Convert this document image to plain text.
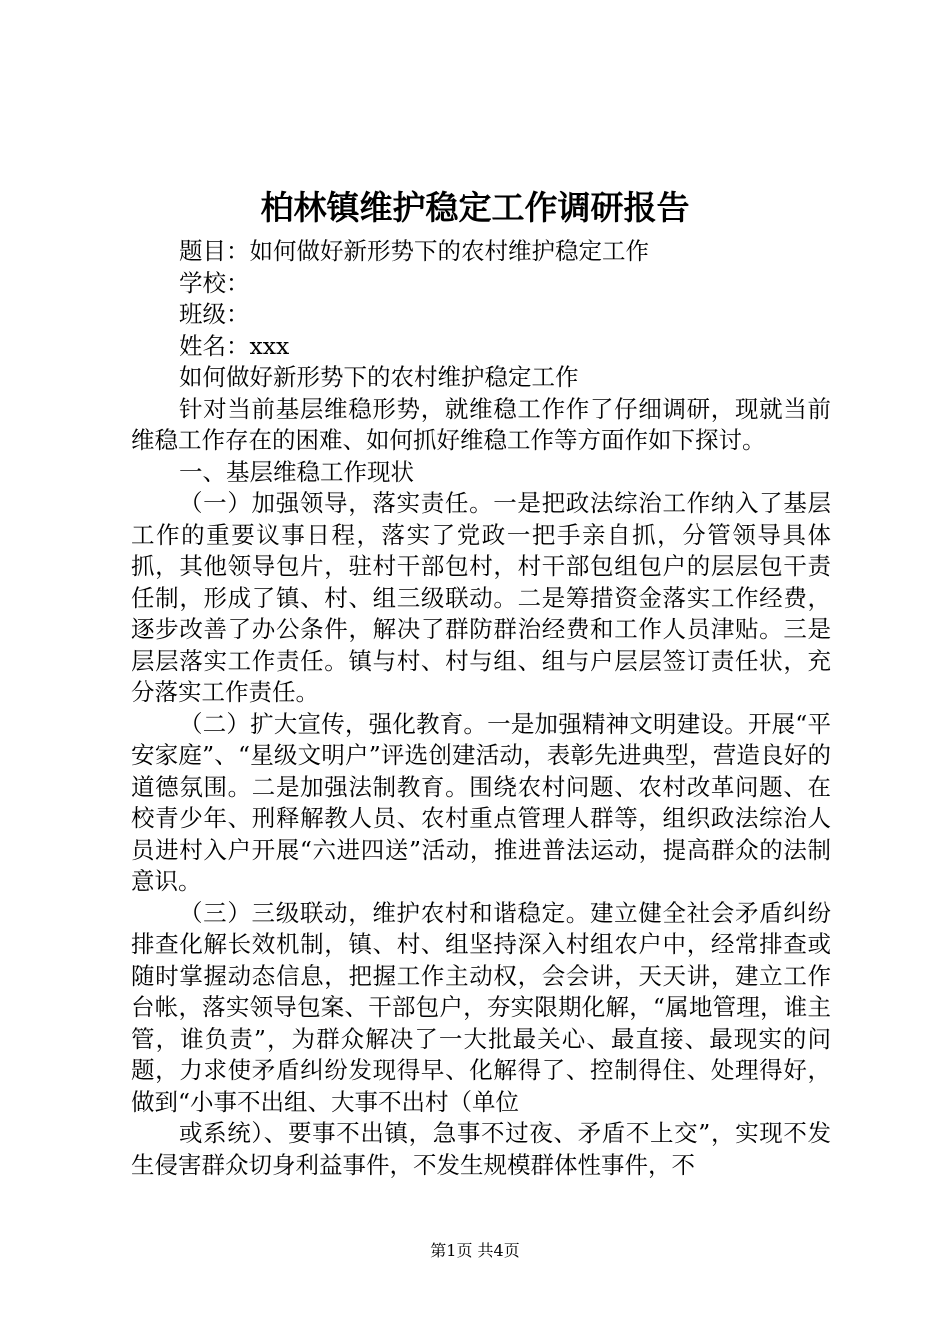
柏林镇维护稳定工作调研报告
题目：如何做好新形势下的农村维护稳定工作
学校：
班级：
姓名：xxx
如何做好新形势下的农村维护稳定工作
针对当前基层维稳形势，就维稳工作作了仔细调研，现就当前维稳工作存在的困难、如何抓好维稳工作等方面作如下探讨。
一、基层维稳工作现状
（一）加强领导，落实责任。一是把政法综治工作纳入了基层工作的重要议事日程，落实了党政一把手亲自抓，分管领导具体抓，其他领导包片，驻村干部包村，村干部包组包户的层层包干责任制，形成了镇、村、组三级联动。二是筹措资金落实工作经费，逐步改善了办公条件，解决了群防群治经费和工作人员津贴。三是层层落实工作责任。镇与村、村与组、组与户层层签订责任状，充分落实工作责任。
（二）扩大宣传，强化教育。一是加强精神文明建设。开展“平安家庭”、“星级文明户”评选创建活动，表彰先进典型，营造良好的道德氛围。二是加强法制教育。围绕农村问题、农村改革问题、在校青少年、刑释解教人员、农村重点管理人群等，组织政法综治人员进村入户开展“六进四送”活动，推进普法运动，提高群众的法制意识。
（三）三级联动，维护农村和谐稳定。建立健全社会矛盾纠纷排查化解长效机制，镇、村、组坚持深入村组农户中，经常排查或随时掌握动态信息，把握工作主动权，会会讲，天天讲，建立工作台帐，落实领导包案、干部包户，夯实限期化解，“属地管理，谁主管，谁负责”，为群众解决了一大批最关心、最直接、最现实的问题，力求使矛盾纠纷发现得早、化解得了、控制得住、处理得好，做到“小事不出组、大事不出村（单位
或系统）、要事不出镇，急事不过夜、矛盾不上交”，实现不发生侵害群众切身利益事件，不发生规模群体性事件，不
第1页 共4页
